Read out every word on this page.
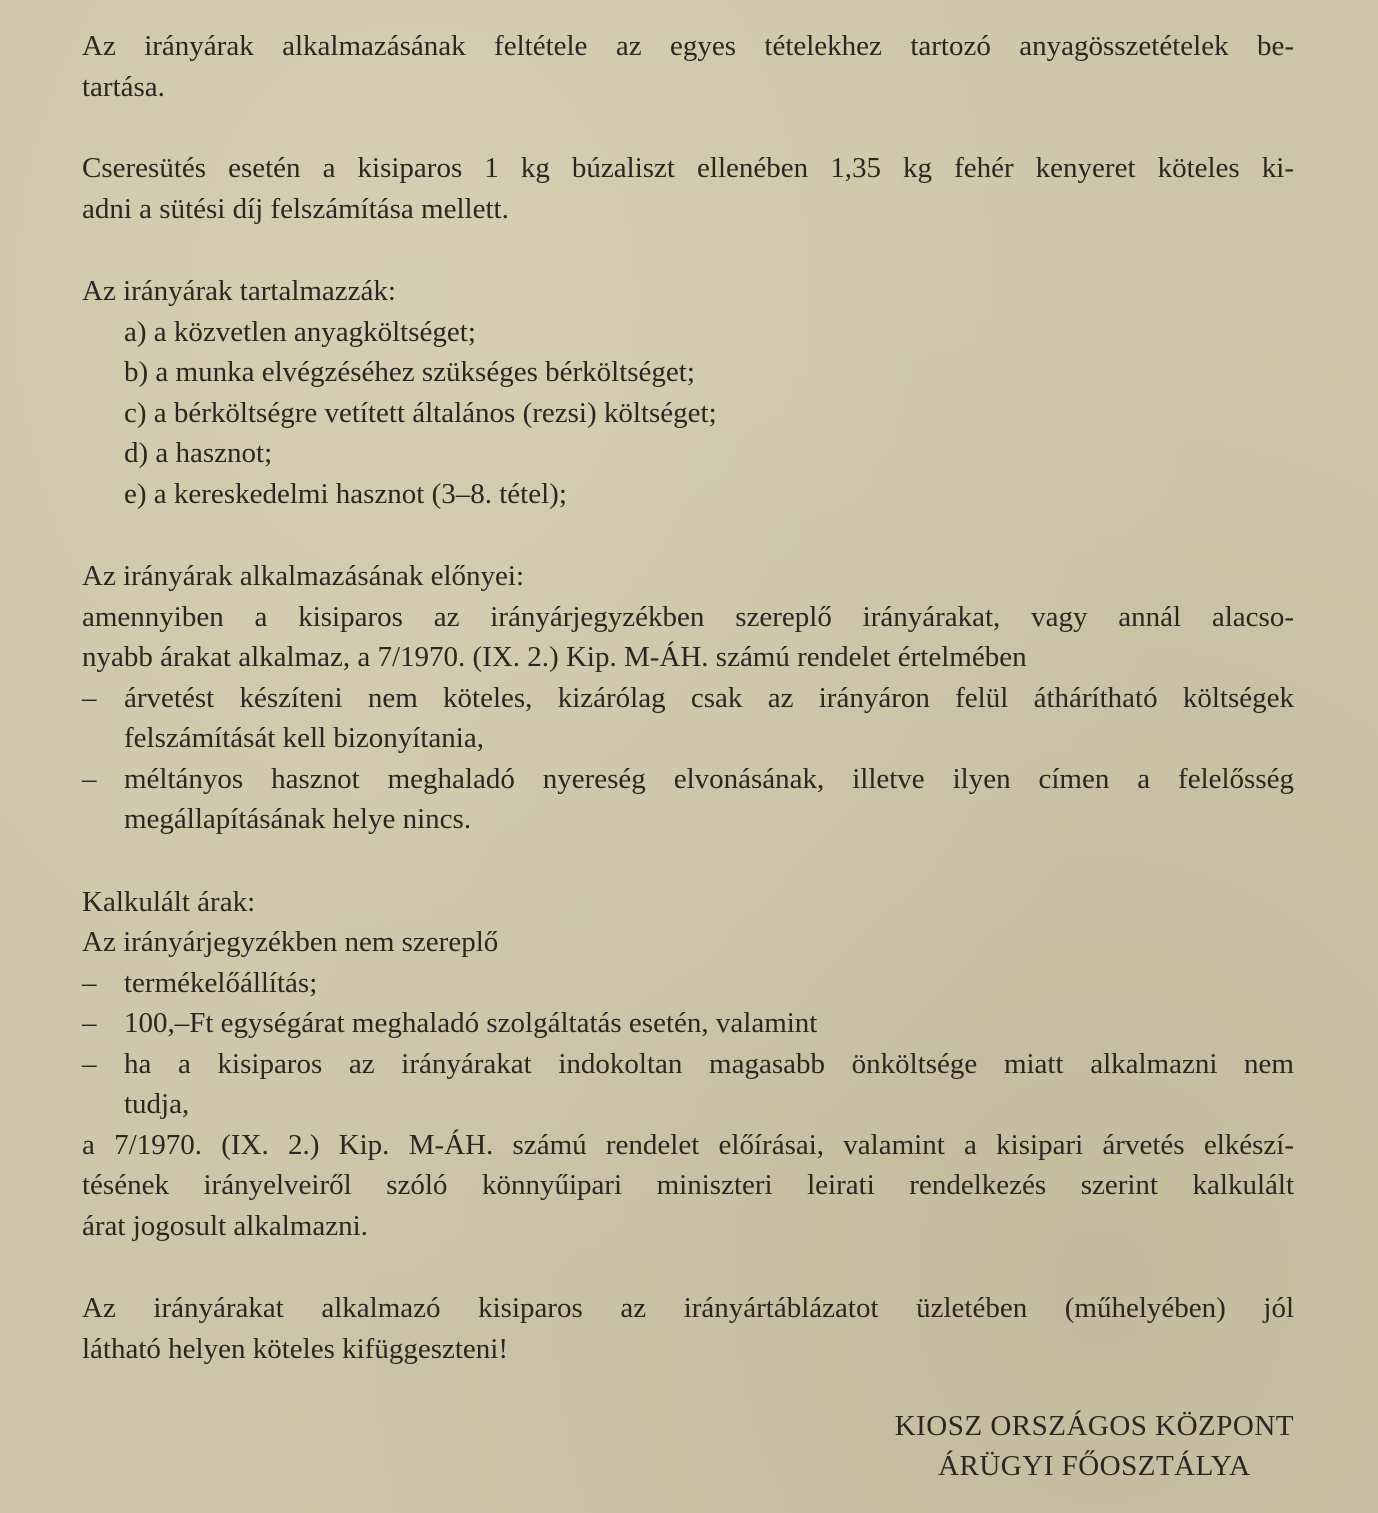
Az irányárak alkalmazásának feltétele az egyes tételekhez tartozó anyagösszetételek be-
tartása.

Cseresütés esetén a kisiparos 1 kg búzaliszt ellenében 1,35 kg fehér kenyeret köteles ki-
adni a sütési díj felszámítása mellett.

Az irányárak tartalmazzák:
a) a közvetlen anyagköltséget;
b) a munka elvégzéséhez szükséges bérköltséget;
c) a bérköltségre vetített általános (rezsi) költséget;
d) a hasznot;
e) a kereskedelmi hasznot (3–8. tétel);
Az irányárak alkalmazásának előnyei:
amennyiben a kisiparos az irányárjegyzékben szereplő irányárakat, vagy annál alacso-
nyabb árakat alkalmaz, a 7/1970. (IX. 2.) Kip. M-ÁH. számú rendelet értelmében
– árvetést készíteni nem köteles, kizárólag csak az irányáron felül áthárítható költségek
felszámítását kell bizonyítania,
– méltányos hasznot meghaladó nyereség elvonásának, illetve ilyen címen a felelősség
megállapításának helye nincs.
Kalkulált árak:
Az irányárjegyzékben nem szereplő
– termékelőállítás;
– 100,–Ft egységárat meghaladó szolgáltatás esetén, valamint
– ha a kisiparos az irányárakat indokoltan magasabb önköltsége miatt alkalmazni nem
tudja,
a 7/1970. (IX. 2.) Kip. M-ÁH. számú rendelet előírásai, valamint a kisipari árvetés elkészí-
tésének irányelveiről szóló könnyűipari miniszteri leirati rendelkezés szerint kalkulált
árat jogosult alkalmazni.

Az irányárakat alkalmazó kisiparos az irányártáblázatot üzletében (műhelyében) jól
látható helyen köteles kifüggeszteni!

KIOSZ ORSZÁGOS KÖZPONT
ÁRÜGYI FŐOSZTÁLYA
